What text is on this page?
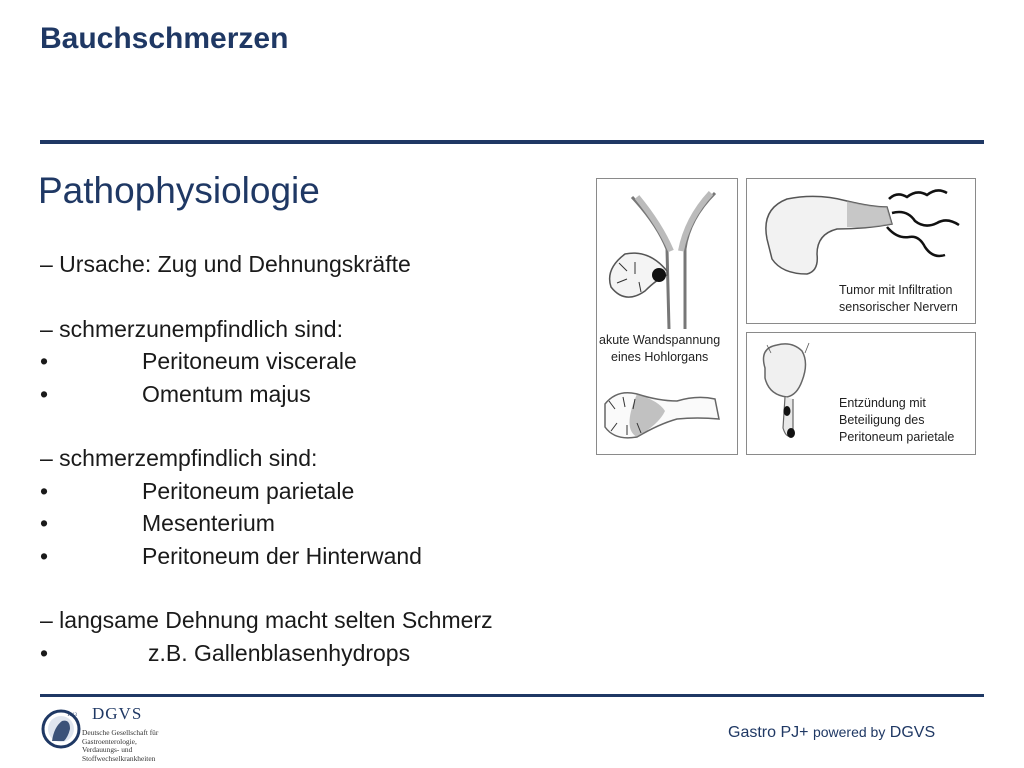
Bauchschmerzen
Pathophysiologie
– Ursache: Zug und Dehnungskräfte
– schmerzunempfindlich sind:
•	Peritoneum viscerale
•	Omentum majus
– schmerzempfindlich sind:
•	Peritoneum parietale
•	Mesenterium
•	Peritoneum der Hinterwand
– langsame Dehnung macht selten Schmerz
•	z.B. Gallenblasenhydrops
akute Wandspannung
eines Hohlorgans
Tumor mit Infiltration
sensorischer Nervern
Entzündung mit
Beteiligung des
Peritoneum parietale
1913 DGVS
Deutsche Gesellschaft für
Gastroenterologie,
Verdauungs- und
Stoffwechselkrankheiten
Gastro PJ+ powered by DGVS
